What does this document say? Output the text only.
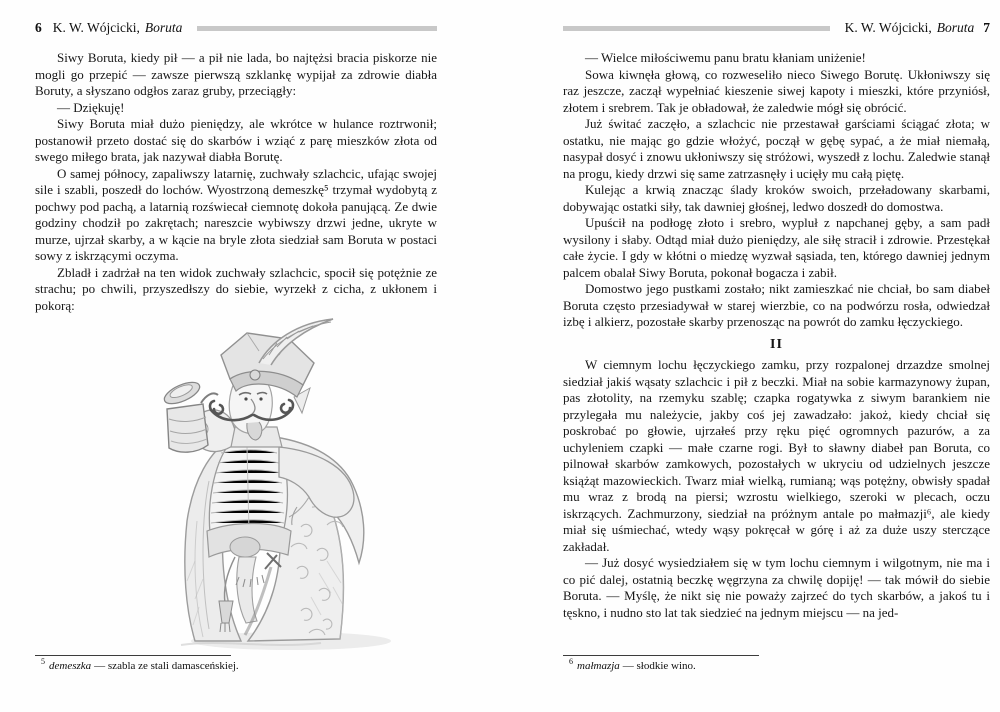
6 K. W. Wójcicki, Boruta

Siwy Boruta, kiedy pił — a pił nie lada, bo najtężsi bracia piskorze nie mogli go przepić — zawsze pierwszą szklankę wypijał za zdrowie diabła Boruty, a słyszano odgłos zaraz gruby, przeciągły:

— Dziękuję!

Siwy Boruta miał dużo pieniędzy, ale wkrótce w hulance roztrwonił; postanowił przeto dostać się do skarbów i wziąć z parę mieszków złota od swego miłego brata, jak nazywał diabła Borutę.

O samej północy, zapaliwszy latarnię, zuchwały szlachcic, ufając swojej sile i szabli, poszedł do lochów. Wyostrzoną demeszkę⁵ trzymał wydobytą z pochwy pod pachą, a latarnią rozświecał ciemnotę dokoła panującą. Ze dwie godziny chodził po zakrętach; nareszcie wybiwszy drzwi jedne, ukryte w murze, ujrzał skarby, a w kącie na bryle złota siedział sam Boruta w postaci sowy z iskrzącymi oczyma.

Zbladł i zadrżał na ten widok zuchwały szlachcic, spocił się potężnie ze strachu; po chwili, przyszedłszy do siebie, wyrzekł z cicha, z ukłonem i pokorą:

$^5$ demeszka — szabla ze stali damasceńskiej.
K. W. Wójcicki, Boruta 7

— Wielce miłościwemu panu bratu kłaniam uniżenie!

Sowa kiwnęła głową, co rozweseliło nieco Siwego Borutę. Ukłoniwszy się raz jeszcze, zaczął wypełniać kieszenie siwej kapoty i mieszki, które przyniósł, złotem i srebrem. Tak je obładował, że zaledwie mógł się obrócić.

Już świtać zaczęło, a szlachcic nie przestawał garściami ściągać złota; w ostatku, nie mając go gdzie włożyć, począł w gębę sypać, a że miał niemałą, nasypał dosyć i znowu ukłoniwszy się stróżowi, wyszedł z lochu. Zaledwie stanął na progu, kiedy drzwi się same zatrzasnęły i ucięły mu całą piętę.

Kulejąc a krwią znacząc ślady kroków swoich, przeładowany skarbami, dobywając ostatki siły, tak dawniej głośnej, ledwo doszedł do domostwa.

Upuścił na podłogę złoto i srebro, wypluł z napchanej gęby, a sam padł wysilony i słaby. Odtąd miał dużo pieniędzy, ale siłę stracił i zdrowie. Przestękał całe życie. I gdy w kłótni o miedzę wyzwał sąsiada, ten, którego dawniej jednym palcem obalał Siwy Boruta, pokonał bogacza i zabił.

Domostwo jego pustkami zostało; nikt zamieszkać nie chciał, bo sam diabeł Boruta często przesiadywał w starej wierzbie, co na podwórzu rosła, odwiedzał izbę i alkierz, pozostałe skarby przenosząc na powrót do zamku łęczyckiego.

II

W ciemnym lochu łęczyckiego zamku, przy rozpalonej drzazdze smolnej siedział jakiś wąsaty szlachcic i pił z beczki. Miał na sobie karmazynowy żupan, pas złotolity, na rzemyku szablę; czapka rogatywka z siwym barankiem nie przylegała mu należycie, jakby coś jej zawadzało: jakoż, kiedy chciał się poskrobać po głowie, ujrzałeś przy ręku pięć ogromnych pazurów, a za uchyleniem czapki — małe czarne rogi. Był to sławny diabeł pan Boruta, co pilnował skarbów zamkowych, pozostałych w ukryciu od udzielnych jeszcze książąt mazowieckich. Twarz miał wielką, rumianą; wąs potężny, obwisły spadał mu wraz z brodą na piersi; wzrostu wielkiego, szeroki w plecach, oczu iskrzących. Zachmurzony, siedział na próżnym antale po małmazji⁶, ale kiedy miał się uśmiechać, wtedy wąsy pokręcał w górę i aż za duże uszy sterczące zakładał.

— Już dosyć wysiedziałem się w tym lochu ciemnym i wilgotnym, nie ma i co pić dalej, ostatnią beczkę węgrzyna za chwilę dopiję! — tak mówił do siebie Boruta. — Myślę, że nikt się nie poważy zajrzeć do tych skarbów, a jakoś tu i tęskno, i nudno sto lat tak siedzieć na jednym miejscu — na jed-

$^6$ małmazja — słodkie wino.
